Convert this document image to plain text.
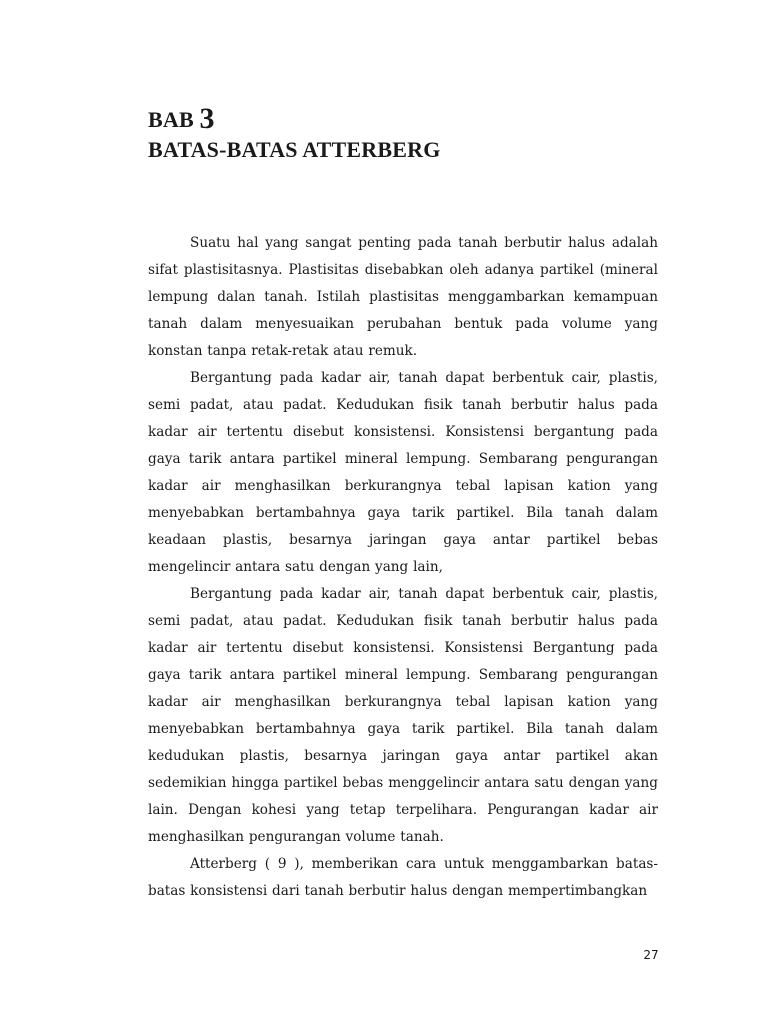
BAB 3
BATAS-BATAS ATTERBERG

Suatu hal yang sangat penting pada tanah berbutir halus adalah sifat plastisitasnya. Plastisitas disebabkan oleh adanya partikel (mineral lempung dalan tanah. Istilah plastisitas menggambarkan kemampuan tanah dalam menyesuaikan perubahan bentuk pada volume yang konstan tanpa retak-retak atau remuk.

Bergantung pada kadar air, tanah dapat berbentuk cair, plastis, semi padat, atau padat. Kedudukan fisik tanah berbutir halus pada kadar air tertentu disebut konsistensi. Konsistensi bergantung pada gaya tarik antara partikel mineral lempung. Sembarang pengurangan kadar air menghasilkan berkurangnya tebal lapisan kation yang menyebabkan bertambahnya gaya tarik partikel. Bila tanah dalam keadaan plastis, besarnya jaringan gaya antar partikel bebas mengelincir antara satu dengan yang lain,

Bergantung pada kadar air, tanah dapat berbentuk cair, plastis, semi padat, atau padat. Kedudukan fisik tanah berbutir halus pada kadar air tertentu disebut konsistensi. Konsistensi Bergantung pada gaya tarik antara partikel mineral lempung. Sembarang pengurangan kadar air menghasilkan berkurangnya tebal lapisan kation yang menyebabkan bertambahnya gaya tarik partikel. Bila tanah dalam kedudukan plastis, besarnya jaringan gaya antar partikel akan sedemikian hingga partikel bebas menggelincir antara satu dengan yang lain. Dengan kohesi yang tetap terpelihara. Pengurangan kadar air menghasilkan pengurangan volume tanah.

Atterberg ( 9 ), memberikan cara untuk menggambarkan batas-batas konsistensi dari tanah berbutir halus dengan mempertimbangkan

27
